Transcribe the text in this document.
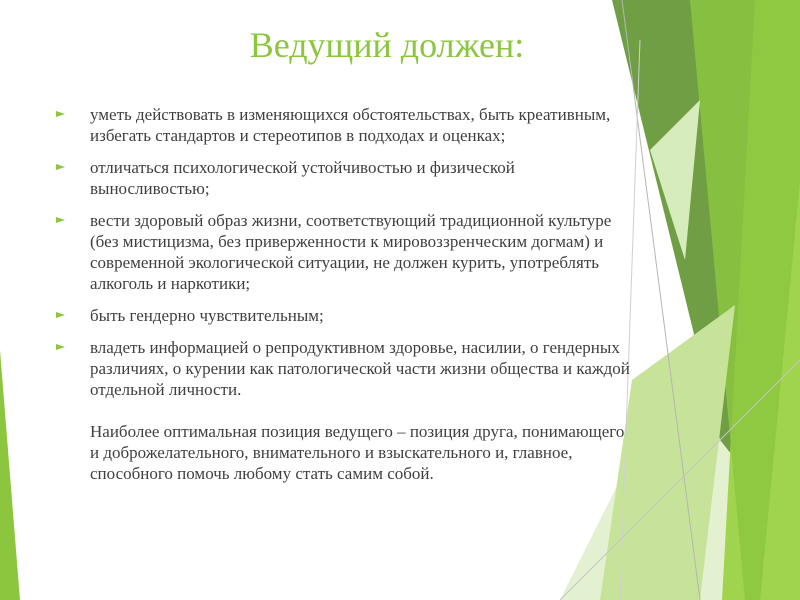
Ведущий должен:
уметь действовать в изменяющихся обстоятельствах, быть креативным, избегать стандартов и стереотипов в подходах и оценках;
отличаться психологической устойчивостью и физической выносливостью;
вести здоровый образ жизни, соответствующий традиционной культуре (без мистицизма, без приверженности к мировоззренческим догмам) и современной экологической ситуации, не должен курить, употреблять алкоголь и наркотики;
быть гендерно чувствительным;
владеть информацией о репродуктивном здоровье, насилии, о гендерных различиях, о курении как патологической части жизни общества и каждой отдельной личности.

Наиболее оптимальная позиция ведущего – позиция друга, понимающего и доброжелательного, внимательного и взыскательного и, главное, способного помочь любому стать самим собой.
